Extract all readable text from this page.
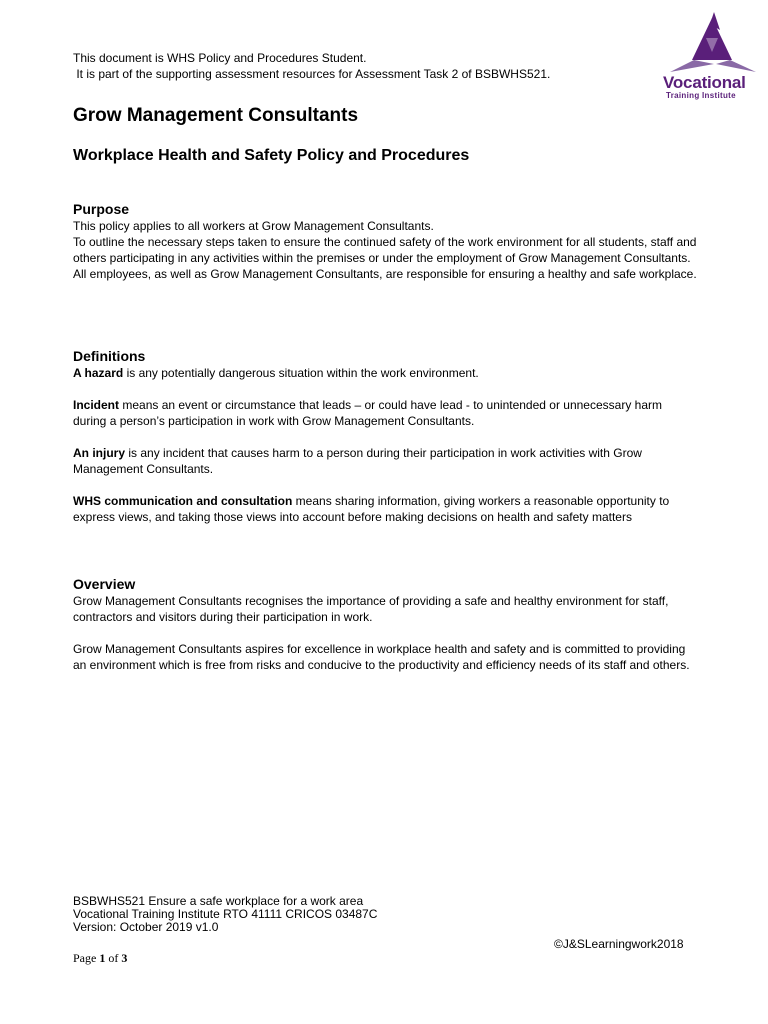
This document is WHS Policy and Procedures Student.
It is part of the supporting assessment resources for Assessment Task 2 of BSBWHS521.	Vocational
Training Institute
Grow Management Consultants
Workplace Health and Safety Policy and Procedures
Purpose

This policy applies to all workers at Grow Management Consultants.

To outline the necessary steps taken to ensure the continued safety of the work environment for all students, staff and others participating in any activities within the premises or under the employment of Grow Management Consultants.

All employees, as well as Grow Management Consultants, are responsible for ensuring a healthy and safe workplace.

Definitions

A hazard is any potentially dangerous situation within the work environment.

Incident means an event or circumstance that leads – or could have lead - to unintended or unnecessary harm during a person’s participation in work with Grow Management Consultants.

An injury is any incident that causes harm to a person during their participation in work activities with Grow Management Consultants.

WHS communication and consultation means sharing information, giving workers a reasonable opportunity to express views, and taking those views into account before making decisions on health and safety matters

Overview

Grow Management Consultants recognises the importance of providing a safe and healthy environment for staff, contractors and visitors during their participation in work.

Grow Management Consultants aspires for excellence in workplace health and safety and is committed to providing an environment which is free from risks and conducive to the productivity and efficiency needs of its staff and others.

BSBWHS521 Ensure a safe workplace for a work area
Vocational Training Institute RTO 41111 CRICOS 03487C
Version: October 2019 v1.0
©J&SLearningwork2018
Page 1 of 3
